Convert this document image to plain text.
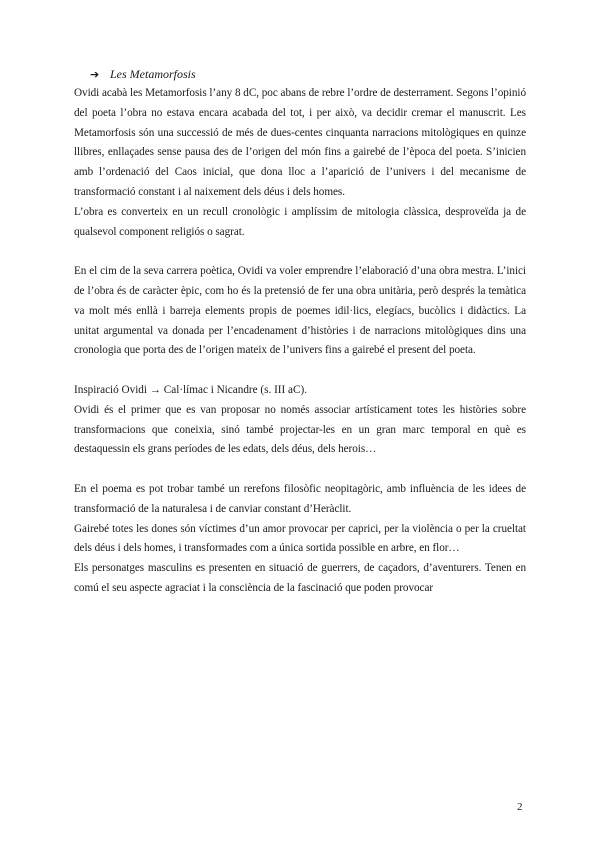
➔ Les Metamorfosis

Ovidi acabà les Metamorfosis l’any 8 dC, poc abans de rebre l’ordre de desterrament. Segons l’opinió del poeta l’obra no estava encara acabada del tot, i per això, va decidir cremar el manuscrit. Les Metamorfosis són una successió de més de dues-centes cinquanta narracions mitològiques en quinze llibres, enllaçades sense pausa des de l’origen del món fins a gairebé de l’època del poeta. S’inicien amb l’ordenació del Caos inicial, que dona lloc a l’aparició de l’univers i del mecanisme de transformació constant i al naixement dels déus i dels homes.

L’obra es converteix en un recull cronològic i amplíssim de mitologia clàssica, desproveïda ja de qualsevol component religiós o sagrat.

En el cim de la seva carrera poètica, Ovidi va voler emprendre l’elaboració d’una obra mestra. L’inici de l’obra és de caràcter èpic, com ho és la pretensió de fer una obra unitària, però després la temàtica va molt més enllà i barreja elements propis de poemes idil·lics, elegíacs, bucòlics i didàctics. La unitat argumental va donada per l’encadenament d’històries i de narracions mitològiques dins una cronologia que porta des de l’origen mateix de l’univers fins a gairebé el present del poeta.

Inspiració Ovidi → Cal·límac i Nicandre (s. III aC).

Ovidi és el primer que es van proposar no només associar artísticament totes les històries sobre transformacions que coneixia, sinó també projectar-les en un gran marc temporal en què es destaquessin els grans períodes de les edats, dels déus, dels herois…

En el poema es pot trobar també un rerefons filosòfic neopitagòric, amb influència de les idees de transformació de la naturalesa i de canviar constant d’Heràclit.

Gairebé totes les dones són víctimes d’un amor provocar per caprici, per la violència o per la crueltat dels déus i dels homes, i transformades com a única sortida possible en arbre, en flor…

Els personatges masculins es presenten en situació de guerrers, de caçadors, d’aventurers. Tenen en comú el seu aspecte agraciat i la consciència de la fascinació que poden provocar

2
